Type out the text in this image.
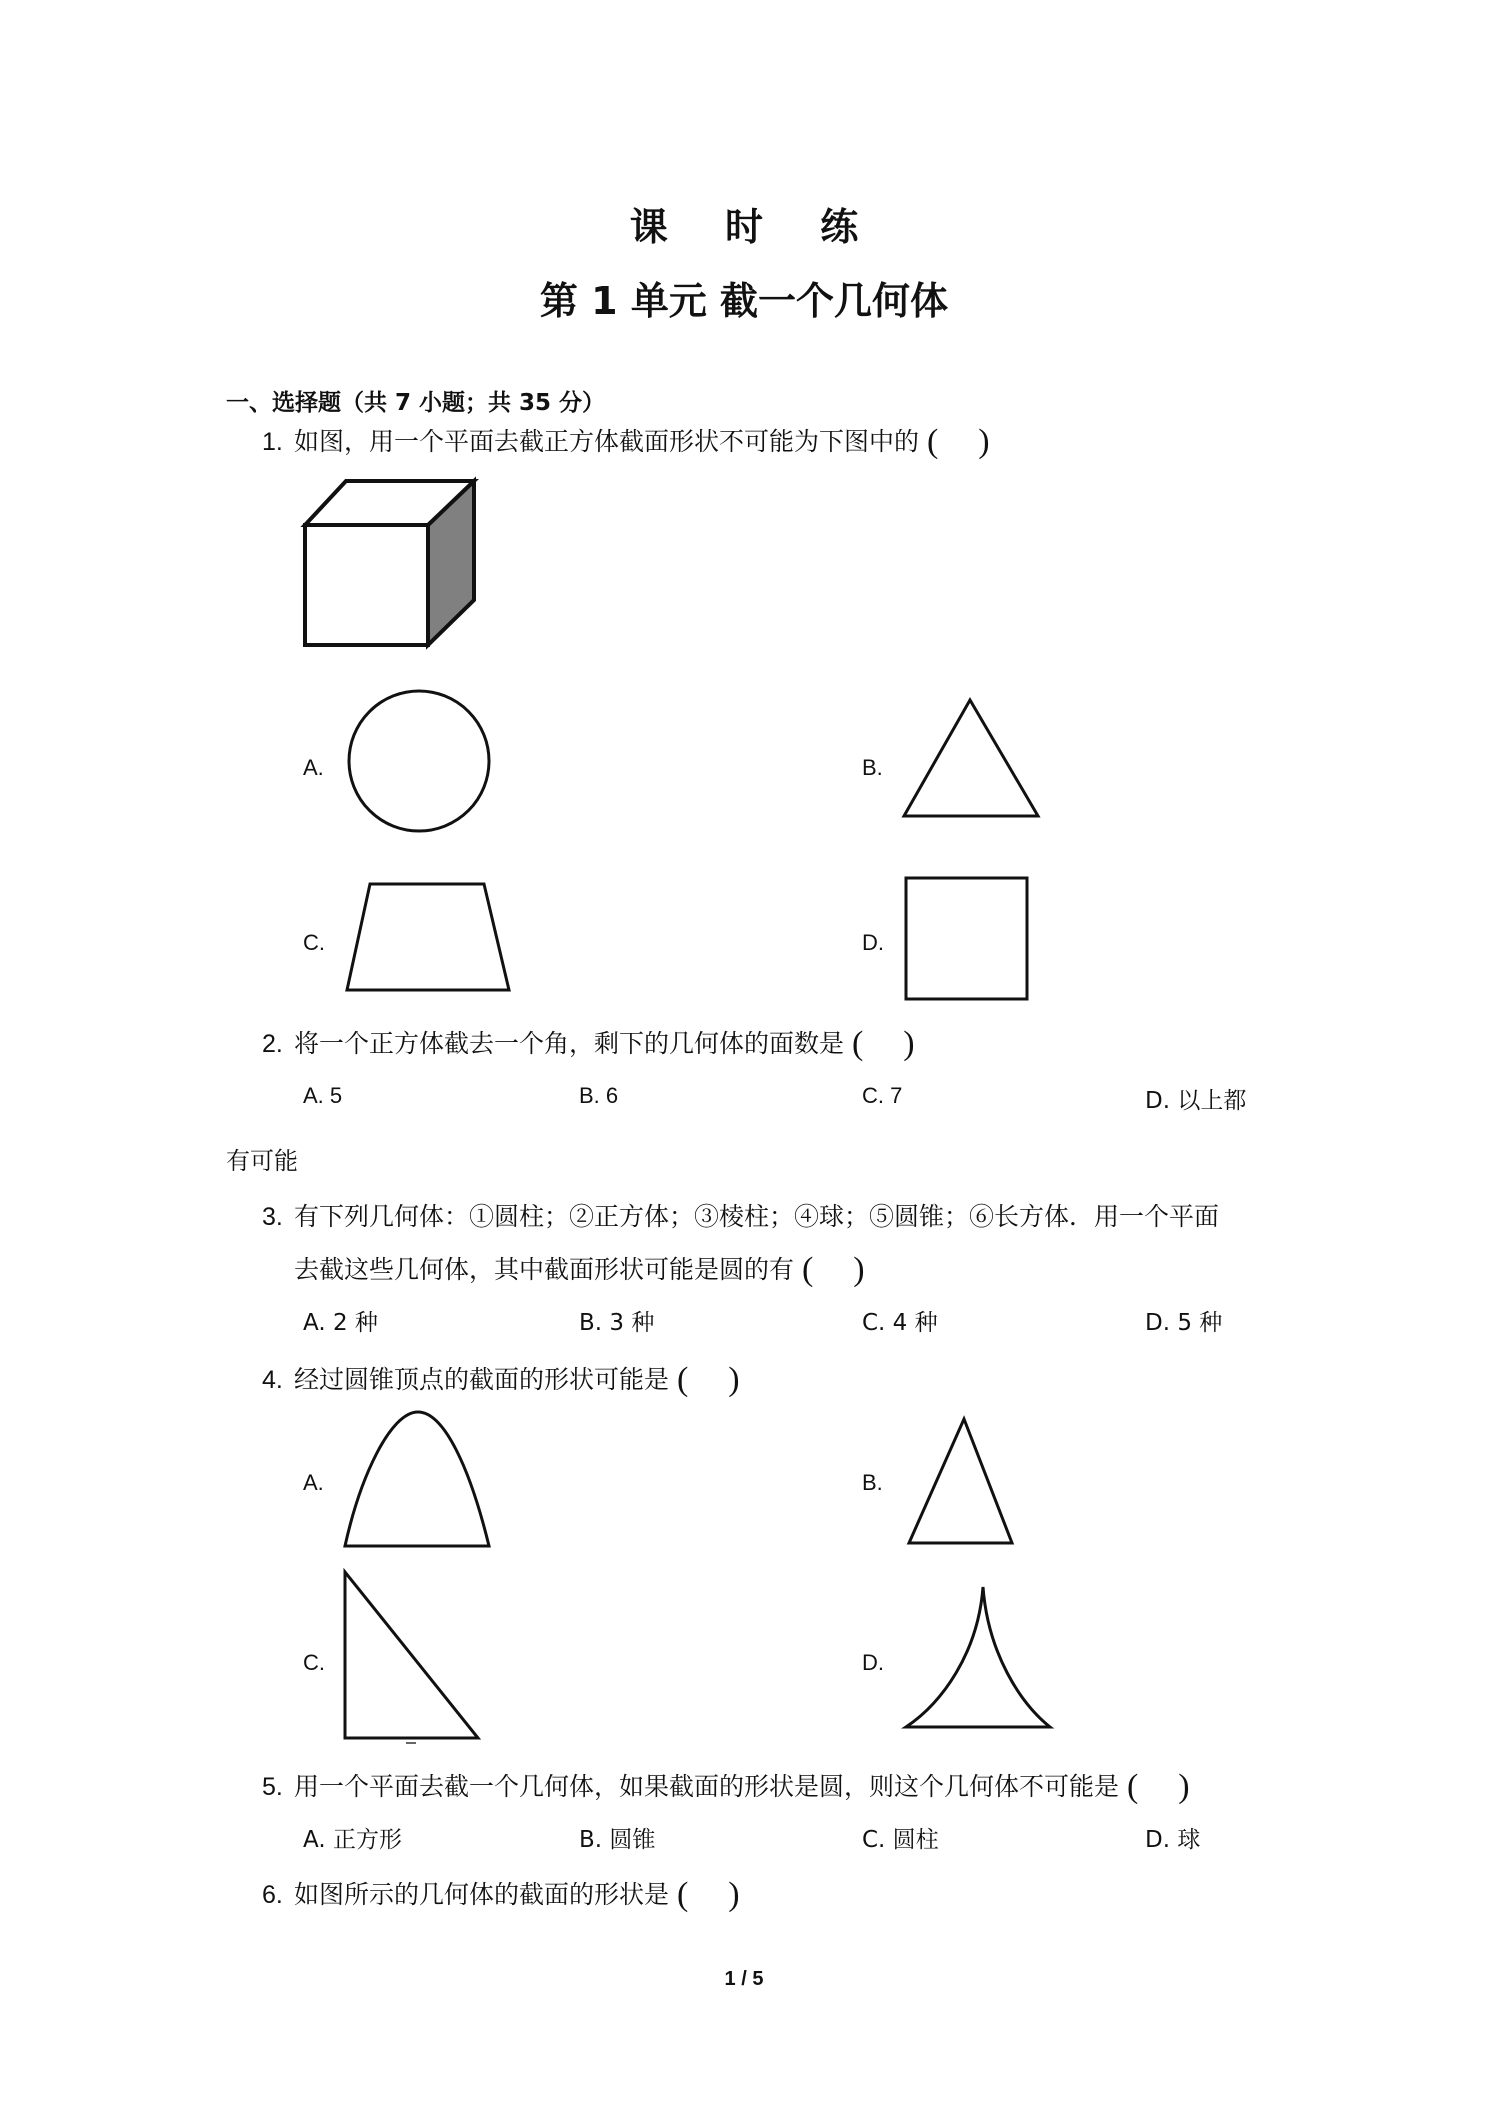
课 时 练
第 1 单元 截一个几何体
一、选择题（共 7 小题；共 35 分）
1. 如图，用一个平面去截正方体截面形状不可能为下图中的 ( )
A.	B.
C.	D.
2. 将一个正方体截去一个角，剩下的几何体的面数是 ( )
A. 5	B. 6	C. 7	D. 以上都
有可能
3. 有下列几何体：①圆柱；②正方体；③棱柱；④球；⑤圆锥；⑥长方体．用一个平面
去截这些几何体，其中截面形状可能是圆的有 ( )
A. 2 种	B. 3 种	C. 4 种	D. 5 种
4. 经过圆锥顶点的截面的形状可能是 ( )
A.	B.
C.	D.
5. 用一个平面去截一个几何体，如果截面的形状是圆，则这个几何体不可能是 ( )
A. 正方形	B. 圆锥	C. 圆柱	D. 球
6. 如图所示的几何体的截面的形状是 ( )
1 / 5
